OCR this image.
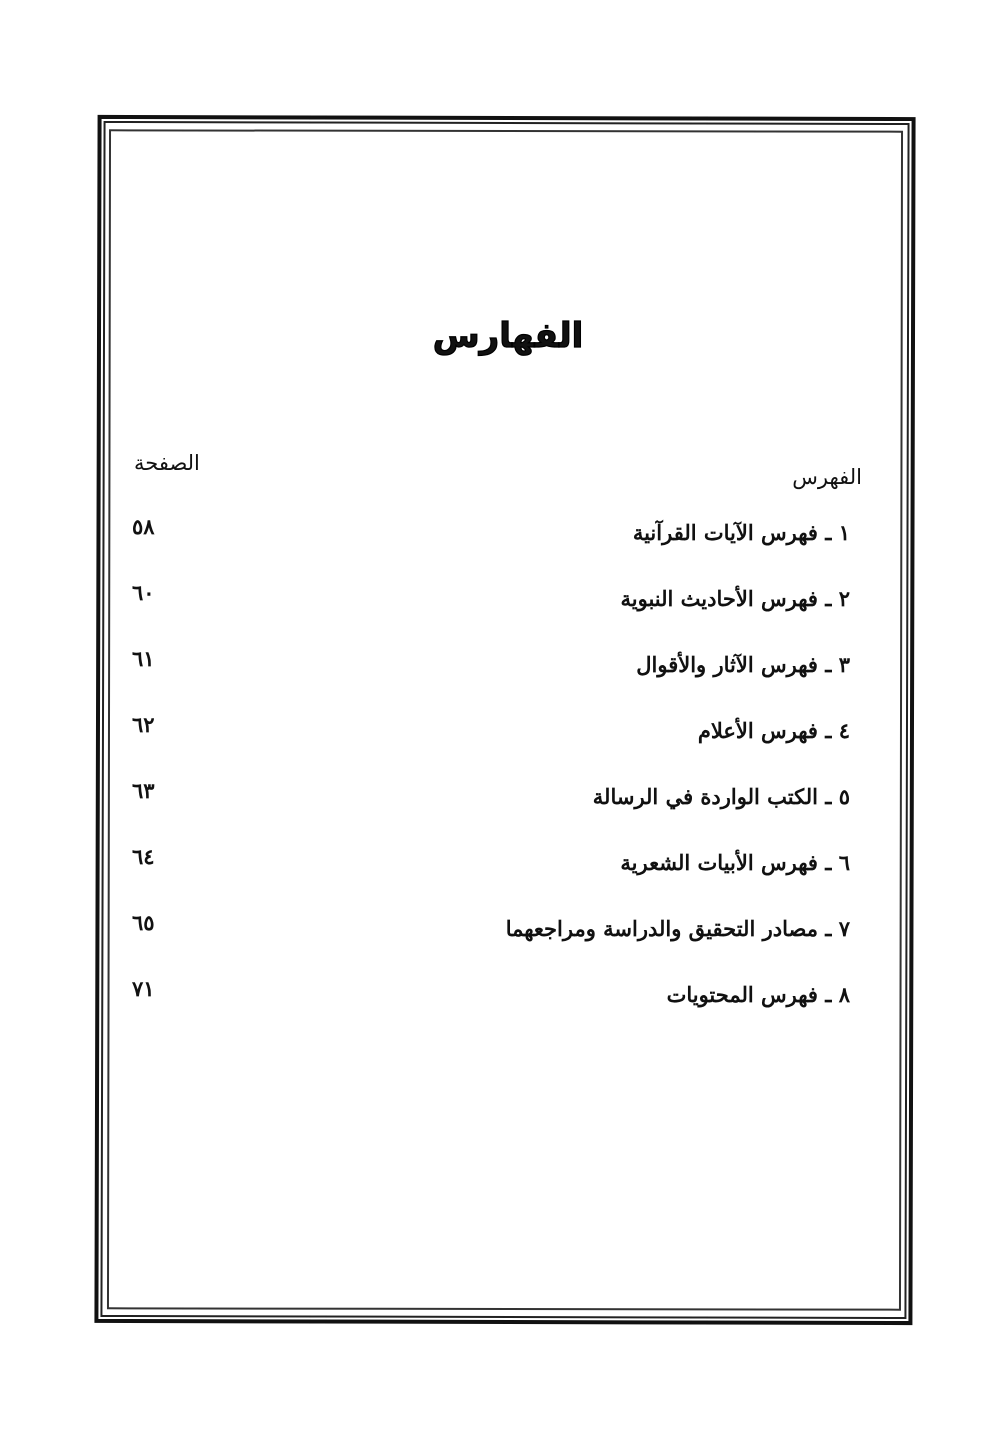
الفهارس
الفهرس
الصفحة
١ ـ فهرس الآيات القرآنية
٥٨
٢ ـ فهرس الأحاديث النبوية
٦٠
٣ ـ فهرس الآثار والأقوال
٦١
٤ ـ فهرس الأعلام
٦٢
٥ ـ الكتب الواردة في الرسالة
٦٣
٦ ـ فهرس الأبيات الشعرية
٦٤
٧ ـ مصادر التحقيق والدراسة ومراجعهما
٦٥
٨ ـ فهرس المحتويات
٧١
